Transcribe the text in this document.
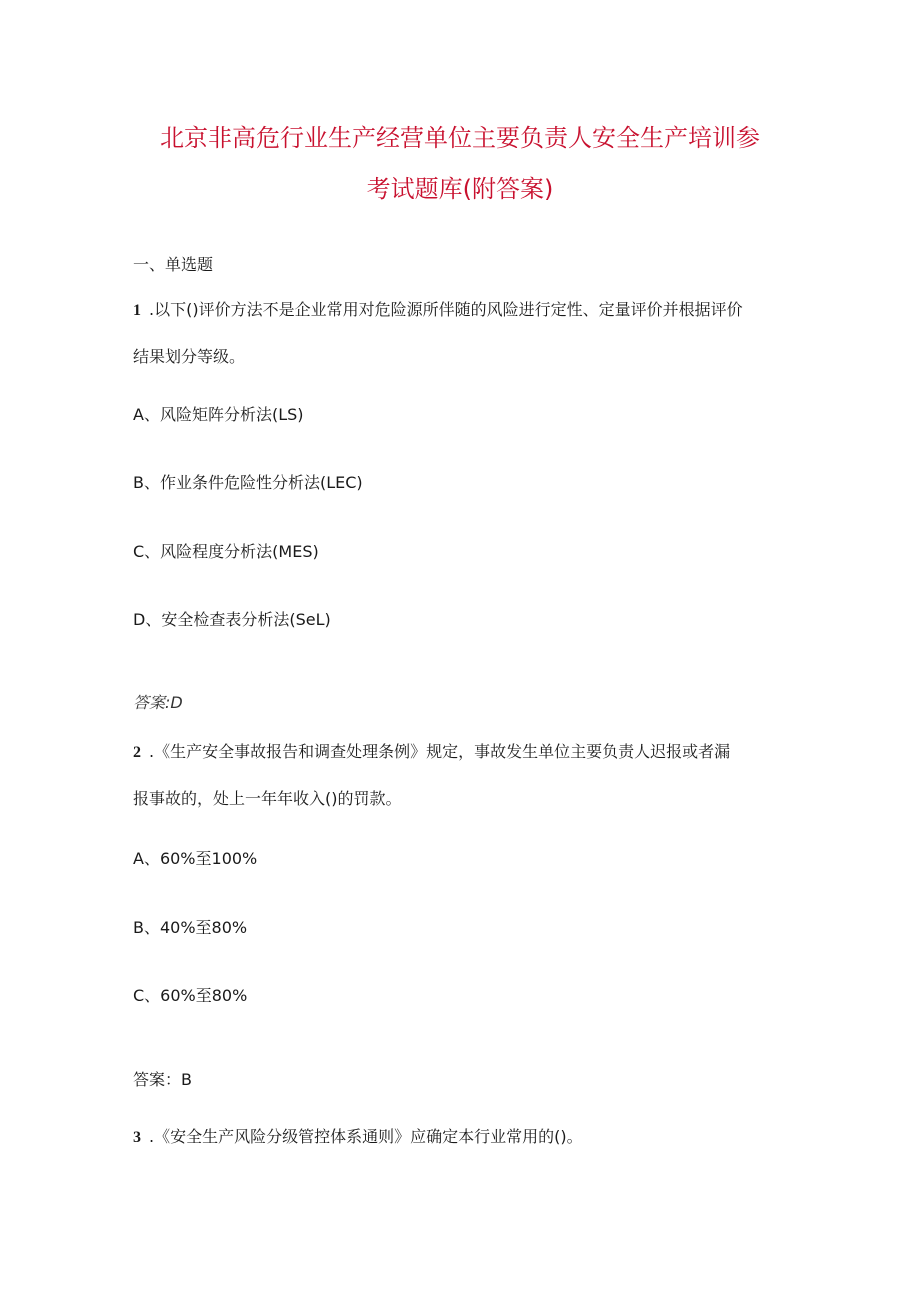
北京非高危行业生产经营单位主要负责人安全生产培训参
考试题库(附答案)
一、单选题
1 .以下()评价方法不是企业常用对危险源所伴随的风险进行定性、定量评价并根据评价
结果划分等级。
A、风险矩阵分析法(LS)
B、作业条件危险性分析法(LEC)
C、风险程度分析法(MES)
D、安全检查表分析法(SeL)
答案:D
2 .《生产安全事故报告和调查处理条例》规定，事故发生单位主要负责人迟报或者漏
报事故的，处上一年年收入()的罚款。
A、60%至100%
B、40%至80%
C、60%至80%
答案：B
3 .《安全生产风险分级管控体系通则》应确定本行业常用的()。
